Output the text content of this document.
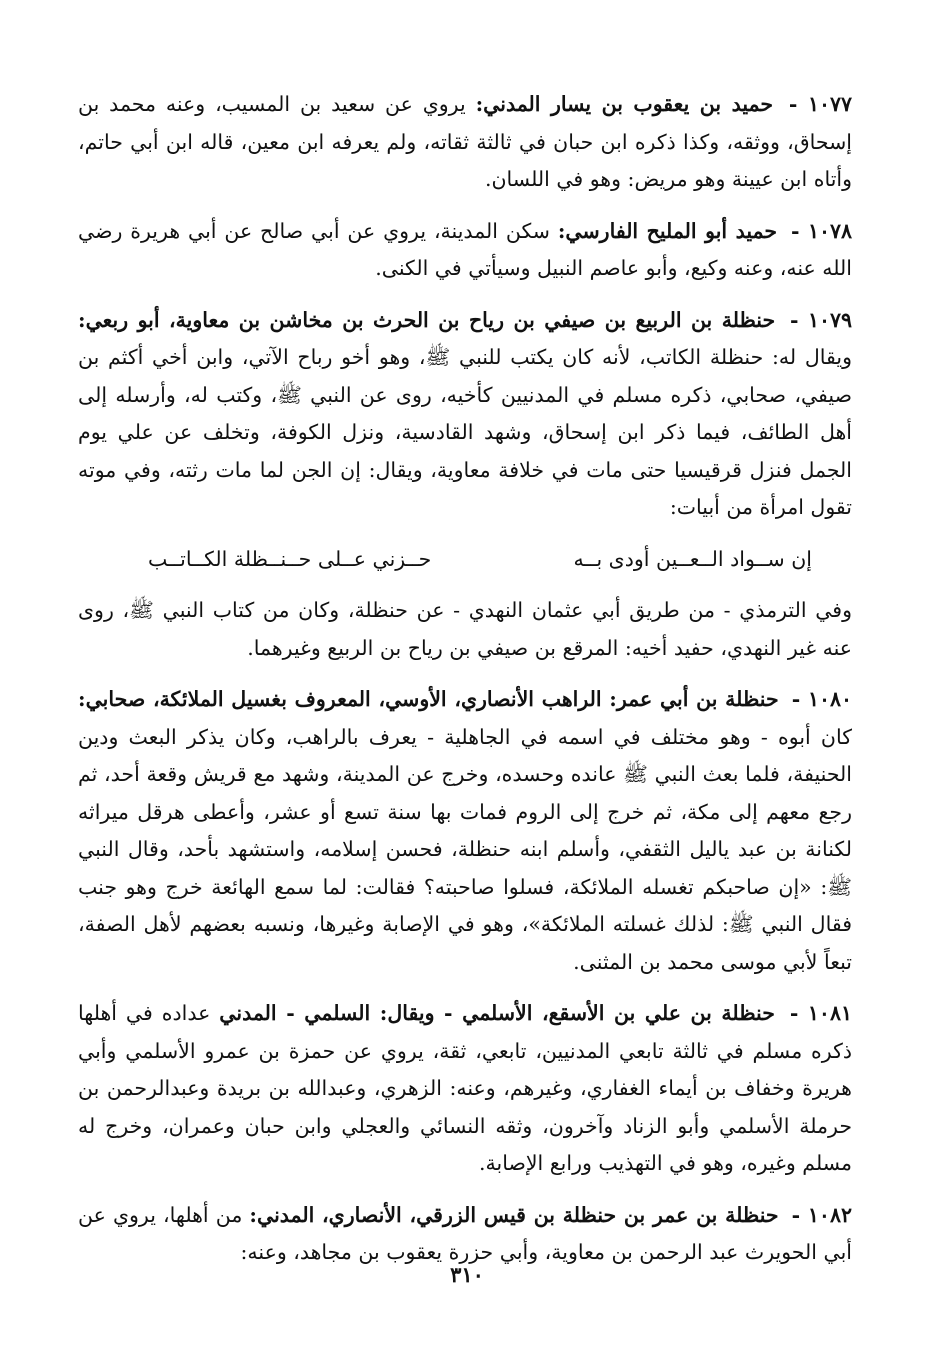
١٠٧٧ - حميد بن يعقوب بن يسار المدني: يروي عن سعيد بن المسيب، وعنه محمد بن إسحاق، ووثقه، وكذا ذكره ابن حبان في ثالثة ثقاته، ولم يعرفه ابن معين، قاله ابن أبي حاتم، وأتاه ابن عيينة وهو مريض: وهو في اللسان.

١٠٧٨ - حميد أبو المليح الفارسي: سكن المدينة، يروي عن أبي صالح عن أبي هريرة رضي الله عنه، وعنه وكيع، وأبو عاصم النبيل وسيأتي في الكنى.

١٠٧٩ - حنظلة بن الربيع بن صيفي بن رياح بن الحرث بن مخاشن بن معاوية، أبو ربعي: ويقال له: حنظلة الكاتب، لأنه كان يكتب للنبي ﷺ، وهو أخو رباح الآتي، وابن أخي أكثم بن صيفي، صحابي، ذكره مسلم في المدنيين كأخيه، روى عن النبي ﷺ، وكتب له، وأرسله إلى أهل الطائف، فيما ذكر ابن إسحاق، وشهد القادسية، ونزل الكوفة، وتخلف عن علي يوم الجمل فنزل قرقيسيا حتى مات في خلافة معاوية، ويقال: إن الجن لما مات رثته، وفي موته تقول امرأة من أبيات:

إن ســواد الــعــين أودى بــه
حــزني عــلى حــنــظلة الكــاتــب

وفي الترمذي - من طريق أبي عثمان النهدي - عن حنظلة، وكان من كتاب النبي ﷺ، روى عنه غير النهدي، حفيد أخيه: المرقع بن صيفي بن رياح بن الربيع وغيرهما.

١٠٨٠ - حنظلة بن أبي عمر: الراهب الأنصاري، الأوسي، المعروف بغسيل الملائكة، صحابي: كان أبوه - وهو مختلف في اسمه في الجاهلية - يعرف بالراهب، وكان يذكر البعث ودين الحنيفة، فلما بعث النبي ﷺ عانده وحسده، وخرج عن المدينة، وشهد مع قريش وقعة أحد، ثم رجع معهم إلى مكة، ثم خرج إلى الروم فمات بها سنة تسع أو عشر، وأعطى هرقل ميراثه لكنانة بن عبد ياليل الثقفي، وأسلم ابنه حنظلة، فحسن إسلامه، واستشهد بأحد، وقال النبي ﷺ: «إن صاحبكم تغسله الملائكة، فسلوا صاحبته؟ فقالت: لما سمع الهائعة خرج وهو جنب فقال النبي ﷺ: لذلك غسلته الملائكة»، وهو في الإصابة وغيرها، ونسبه بعضهم لأهل الصفة، تبعاً لأبي موسى محمد بن المثنى.

١٠٨١ - حنظلة بن علي بن الأسقع، الأسلمي - ويقال: السلمي - المدني عداده في أهلها ذكره مسلم في ثالثة تابعي المدنيين، تابعي، ثقة، يروي عن حمزة بن عمرو الأسلمي وأبي هريرة وخفاف بن أيماء الغفاري، وغيرهم، وعنه: الزهري، وعبدالله بن بريدة وعبدالرحمن بن حرملة الأسلمي وأبو الزناد وآخرون، وثقه النسائي والعجلي وابن حبان وعمران، وخرج له مسلم وغيره، وهو في التهذيب ورابع الإصابة.

١٠٨٢ - حنظلة بن عمر بن حنظلة بن قيس الزرقي، الأنصاري، المدني: من أهلها، يروي عن أبي الحويرث عبد الرحمن بن معاوية، وأبي حزرة يعقوب بن مجاهد، وعنه:

٣١٠
